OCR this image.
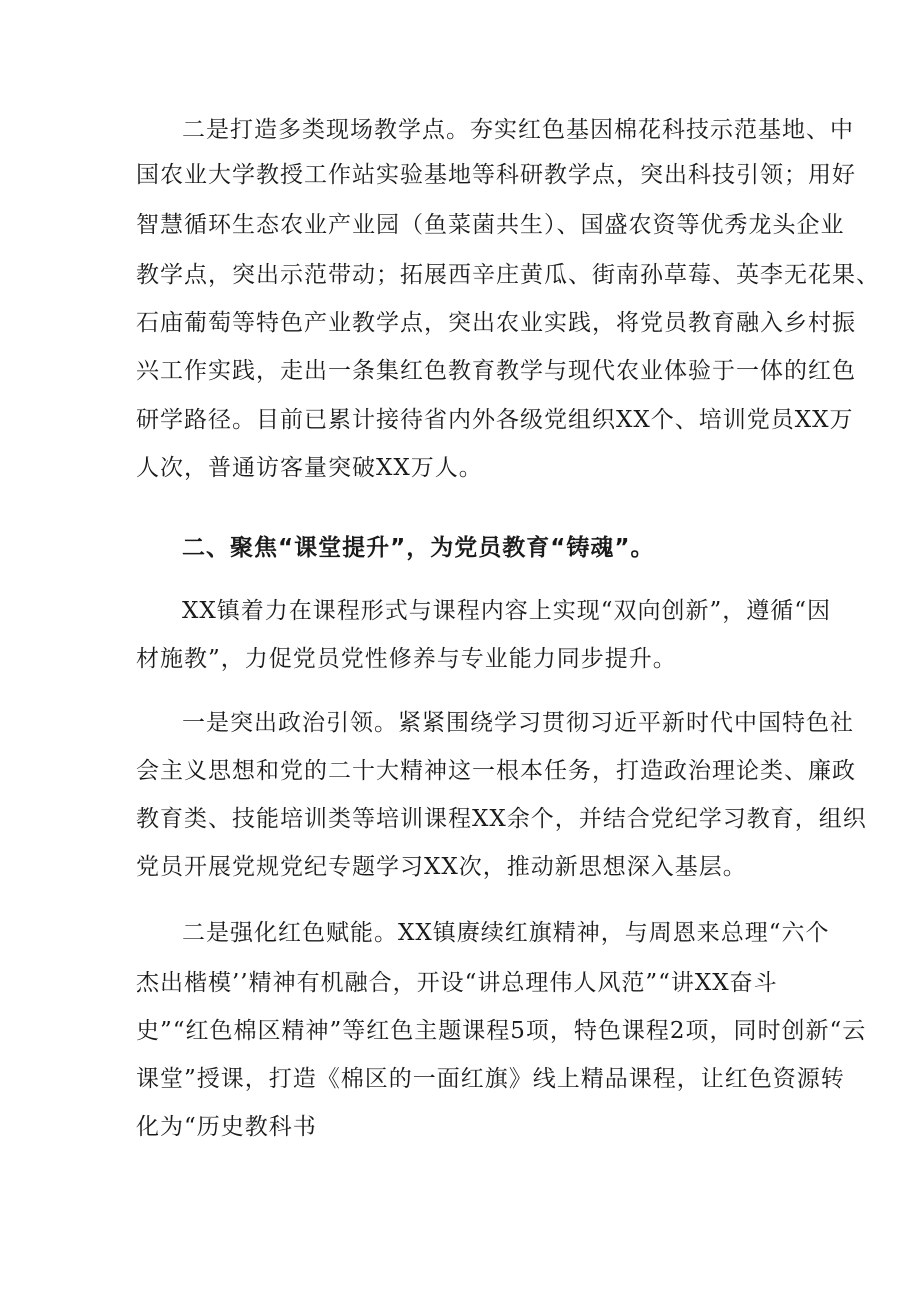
二是打造多类现场教学点。夯实红色基因棉花科技示范基地、中
国农业大学教授工作站实验基地等科研教学点，突出科技引领；用好
智慧循环生态农业产业园（鱼菜菌共生）、国盛农资等优秀龙头企业
教学点，突出示范带动；拓展西辛庄黄瓜、街南孙草莓、英李无花果、
石庙葡萄等特色产业教学点，突出农业实践，将党员教育融入乡村振
兴工作实践，走出一条集红色教育教学与现代农业体验于一体的红色
研学路径。目前已累计接待省内外各级党组织XX个、培训党员XX万
人次，普通访客量突破XX万人。
二、聚焦“课堂提升”，为党员教育“铸魂”。
XX镇着力在课程形式与课程内容上实现“双向创新”，遵循“因
材施教”，力促党员党性修养与专业能力同步提升。
一是突出政治引领。紧紧围绕学习贯彻习近平新时代中国特色社
会主义思想和党的二十大精神这一根本任务，打造政治理论类、廉政
教育类、技能培训类等培训课程XX余个，并结合党纪学习教育，组织
党员开展党规党纪专题学习XX次，推动新思想深入基层。
二是强化红色赋能。XX镇赓续红旗精神，与周恩来总理“六个
杰出楷模’’精神有机融合，开设“讲总理伟人风范”“讲XX奋斗
史”“红色棉区精神”等红色主题课程5项，特色课程2项，同时创新“云
课堂”授课，打造《棉区的一面红旗》线上精品课程，让红色资源转
化为“历史教科书
